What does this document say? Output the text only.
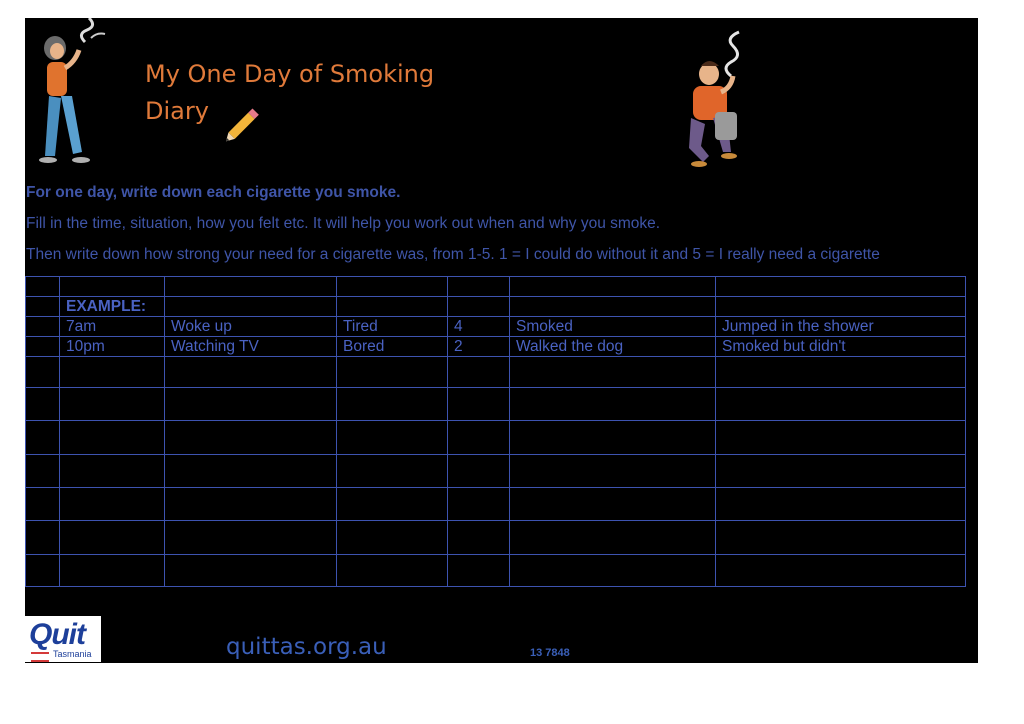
My One Day of Smoking
Diary

For one day, write down each cigarette you smoke.

Fill in the time, situation, how you felt etc. It will help you work out when and why you smoke.

Then write down how strong your need for a cigarette was, from 1-5. 1 = I could do without it and 5 = I really need a cigarette

	EXAMPLE:					
	7am	Woke up	Tired	4	Smoked	Jumped in the shower
	10pm	Watching TV	Bored	2	Walked the dog	Smoked but didn't

Quit
Tasmania	quittas.org.au	13 7848
